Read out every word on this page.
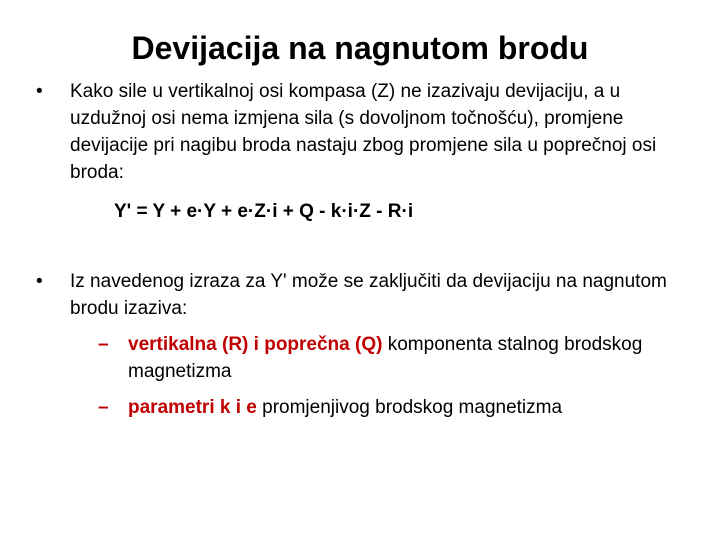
Devijacija na nagnutom brodu
•	Kako sile u vertikalnoj osi kompasa (Z) ne izazivaju devijaciju, a u uzdužnoj osi nema izmjena sila (s dovoljnom točnošću), promjene devijacije pri nagibu broda nastaju zbog promjene sila u poprečnoj osi broda:
Y' = Y + e·Y + e·Z·i + Q - k·i·Z - R·i
•	Iz navedenog izraza za Y' može se zaključiti da devijaciju na nagnutom brodu izaziva:
– vertikalna (R) i poprečna (Q) komponenta stalnog brodskog magnetizma
– parametri k i e promjenjivog brodskog magnetizma
